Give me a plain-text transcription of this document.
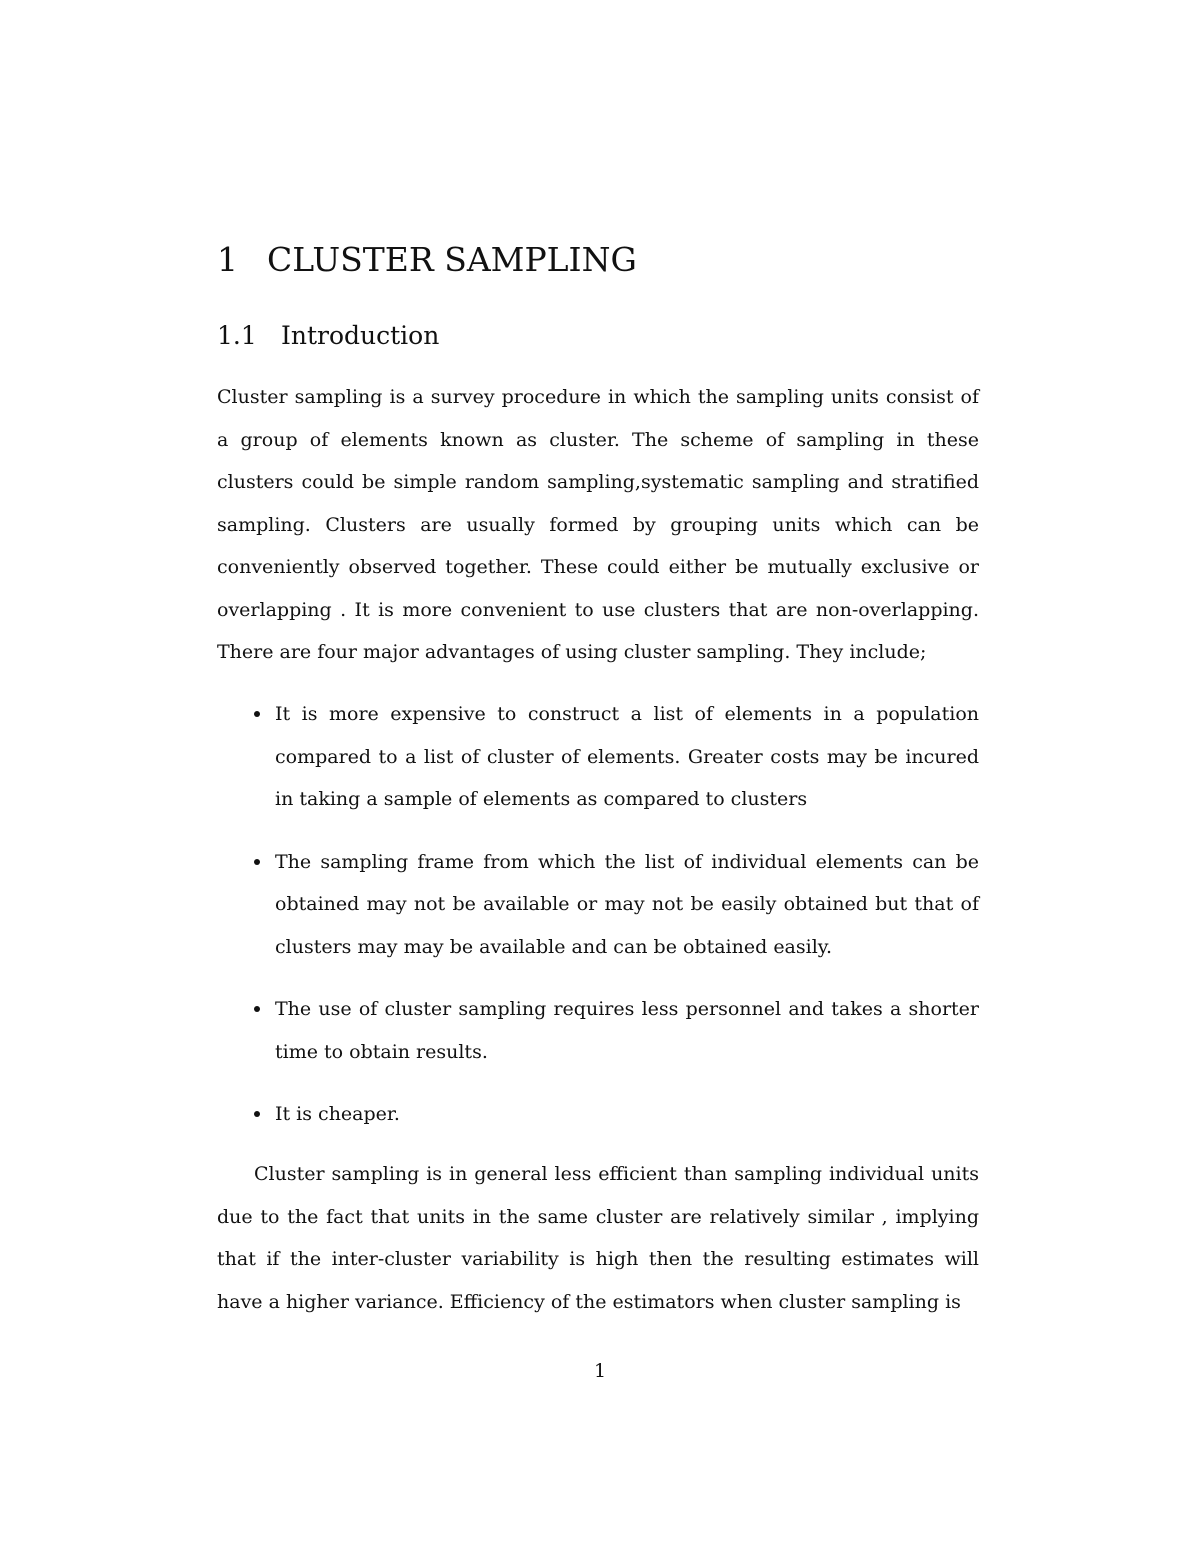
1 CLUSTER SAMPLING
1.1 Introduction

Cluster sampling is a survey procedure in which the sampling units consist of a group of elements known as cluster. The scheme of sampling in these clusters could be simple random sampling,systematic sampling and stratified sampling. Clusters are usually formed by grouping units which can be conveniently observed together. These could either be mutually exclusive or overlapping . It is more convenient to use clusters that are non-overlapping. There are four major advantages of using cluster sampling. They include;

It is more expensive to construct a list of elements in a population compared to a list of cluster of elements. Greater costs may be incured in taking a sample of elements as compared to clusters
The sampling frame from which the list of individual elements can be obtained may not be available or may not be easily obtained but that of clusters may may be available and can be obtained easily.
The use of cluster sampling requires less personnel and takes a shorter time to obtain results.
It is cheaper.

Cluster sampling is in general less efficient than sampling individual units due to the fact that units in the same cluster are relatively similar , implying that if the inter-cluster variability is high then the resulting estimates will have a higher variance. Efficiency of the estimators when cluster sampling is

1
